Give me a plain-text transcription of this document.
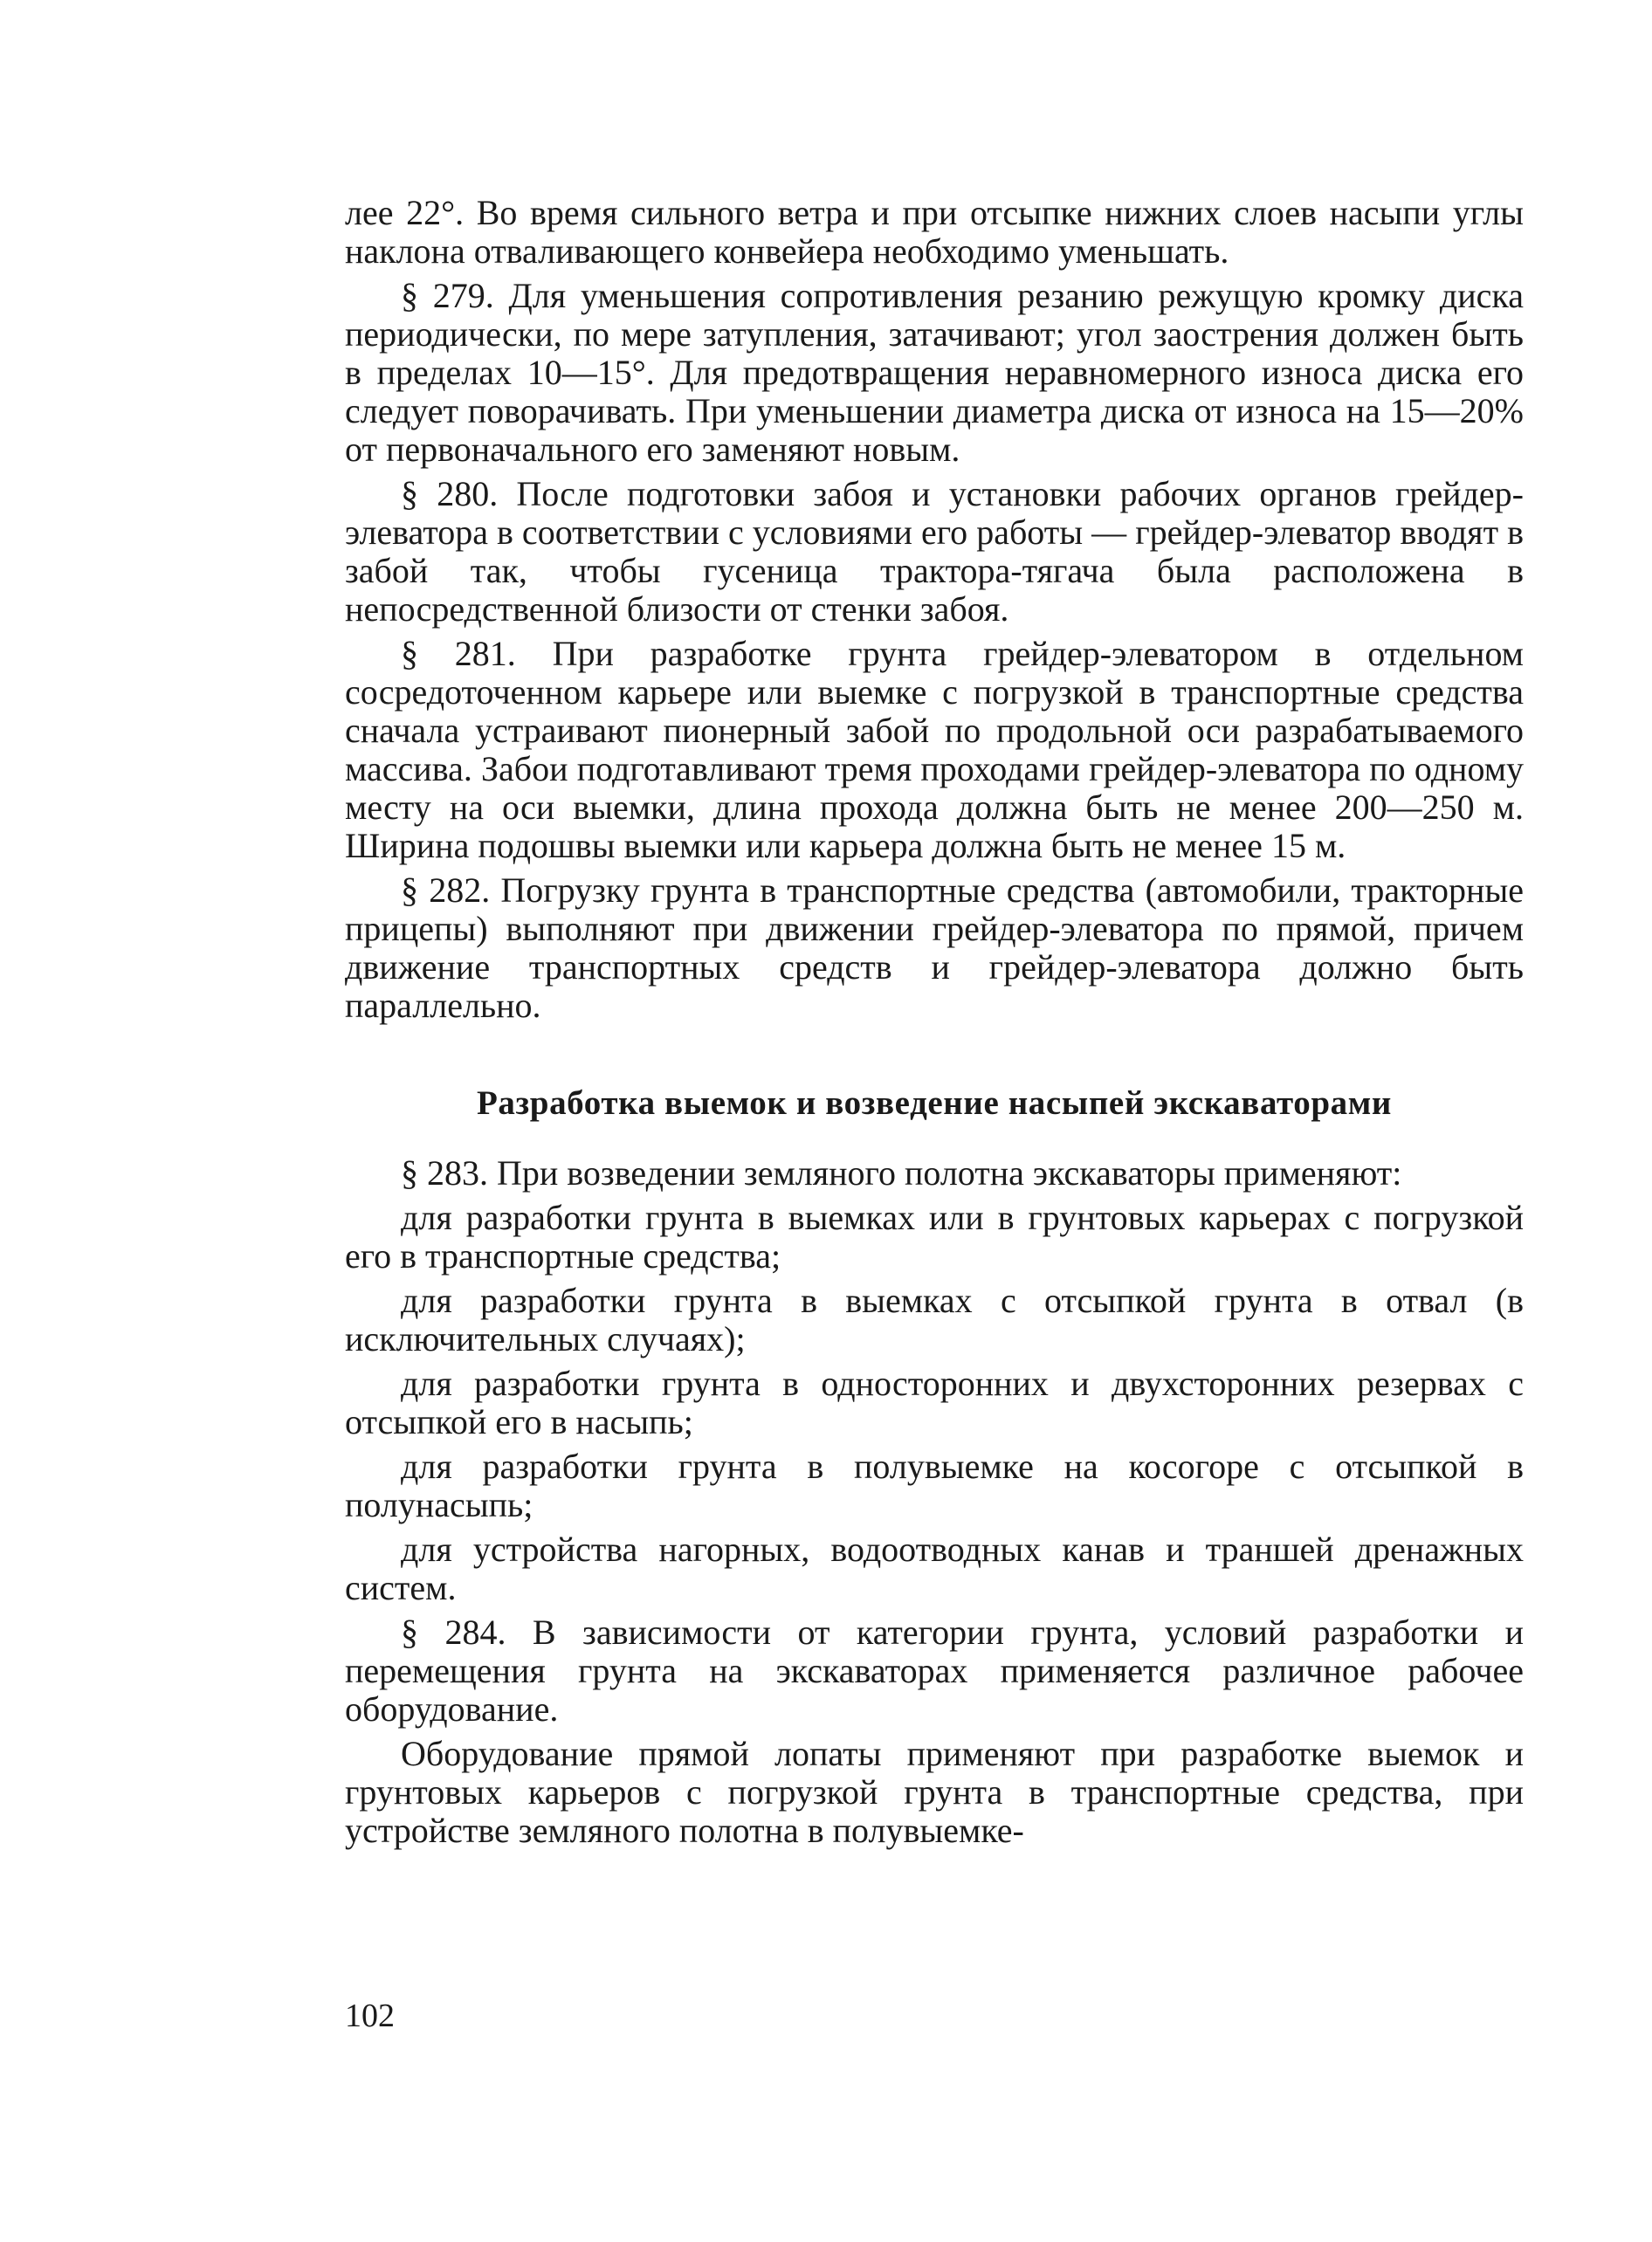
лее 22°. Во время сильного ветра и при отсыпке нижних слоев насыпи углы наклона отваливающего конвейера необходимо уменьшать.

§ 279. Для уменьшения сопротивления резанию режущую кромку диска периодически, по мере затупления, затачивают; угол заострения должен быть в пределах 10—15°. Для предотвращения неравномерного износа диска его следует поворачивать. При уменьшении диаметра диска от износа на 15—20% от первоначального его заменяют новым.

§ 280. После подготовки забоя и установки рабочих органов грейдер-элеватора в соответствии с условиями его работы — грейдер-элеватор вводят в забой так, чтобы гусеница трактора-тягача была расположена в непосредственной близости от стенки забоя.

§ 281. При разработке грунта грейдер-элеватором в отдельном сосредоточенном карьере или выемке с погрузкой в транспортные средства сначала устраивают пионерный забой по продольной оси разрабатываемого массива. Забои подготавливают тремя проходами грейдер-элеватора по одному месту на оси выемки, длина прохода должна быть не менее 200—250 м. Ширина подошвы выемки или карьера должна быть не менее 15 м.

§ 282. Погрузку грунта в транспортные средства (автомобили, тракторные прицепы) выполняют при движении грейдер-элеватора по прямой, причем движение транспортных средств и грейдер-элеватора должно быть параллельно.

Разработка выемок и возведение насыпей экскаваторами

§ 283. При возведении земляного полотна экскаваторы применяют:

для разработки грунта в выемках или в грунтовых карьерах с погрузкой его в транспортные средства;

для разработки грунта в выемках с отсыпкой грунта в отвал (в исключительных случаях);

для разработки грунта в односторонних и двухсторонних резервах с отсыпкой его в насыпь;

для разработки грунта в полувыемке на косогоре с отсыпкой в полунасыпь;

для устройства нагорных, водоотводных канав и траншей дренажных систем.

§ 284. В зависимости от категории грунта, условий разработки и перемещения грунта на экскаваторах применяется различное рабочее оборудование.

Оборудование прямой лопаты применяют при разработке выемок и грунтовых карьеров с погрузкой грунта в транспортные средства, при устройстве земляного полотна в полувыемке-

102
